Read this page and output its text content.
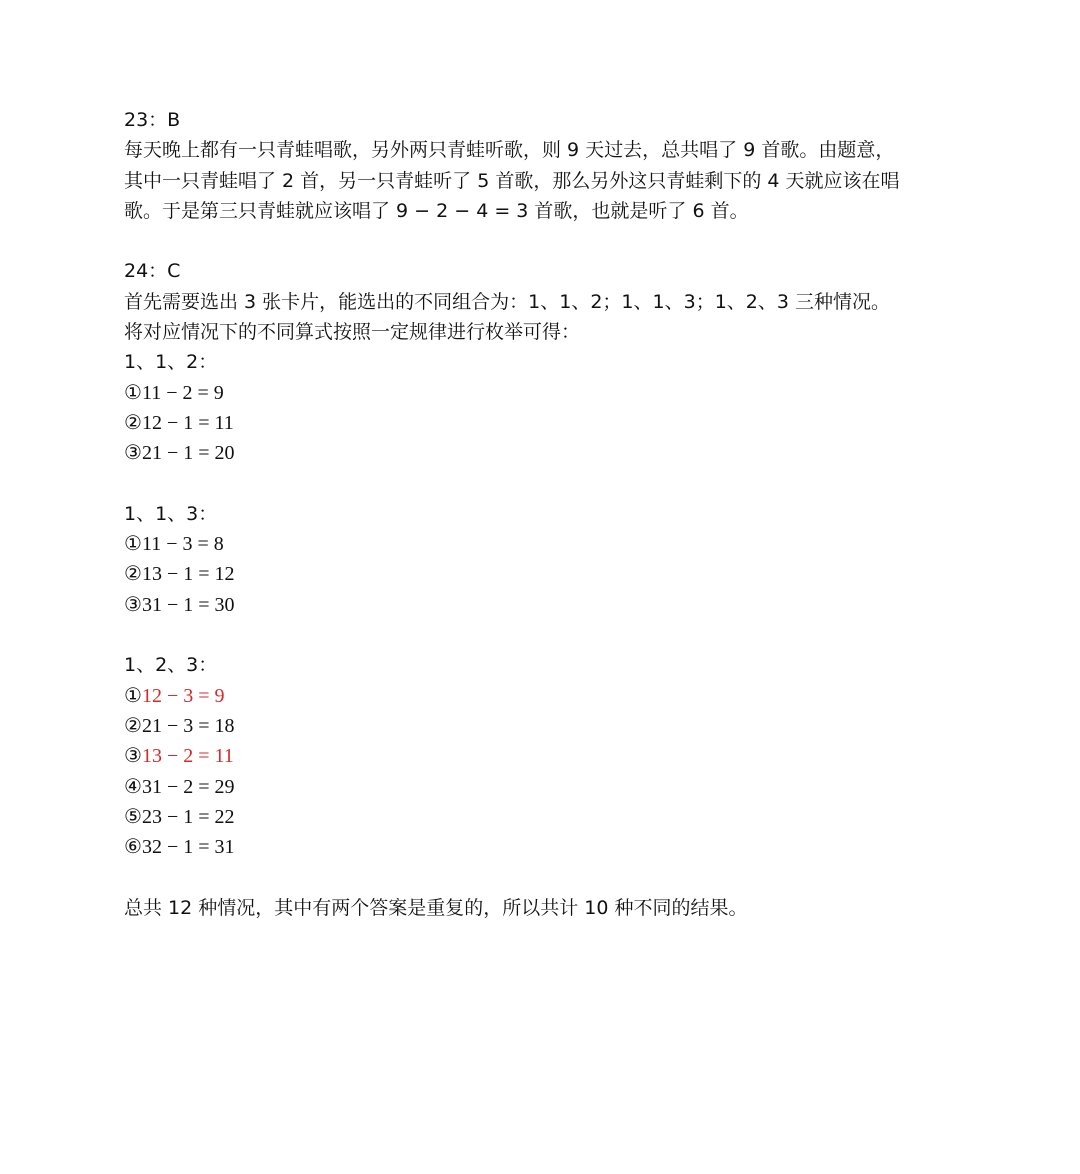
23：B
每天晚上都有一只青蛙唱歌，另外两只青蛙听歌，则 9 天过去，总共唱了 9 首歌。由题意，
其中一只青蛙唱了 2 首，另一只青蛙听了 5 首歌，那么另外这只青蛙剩下的 4 天就应该在唱
歌。于是第三只青蛙就应该唱了 9 − 2 − 4 = 3 首歌，也就是听了 6 首。
24：C
首先需要选出 3 张卡片，能选出的不同组合为：1、1、2；1、1、3；1、2、3 三种情况。
将对应情况下的不同算式按照一定规律进行枚举可得：
1、1、2：
①11 − 2 = 9
②12 − 1 = 11
③21 − 1 = 20
1、1、3：
①11 − 3 = 8
②13 − 1 = 12
③31 − 1 = 30
1、2、3：
①12 − 3 = 9
②21 − 3 = 18
③13 − 2 = 11
④31 − 2 = 29
⑤23 − 1 = 22
⑥32 − 1 = 31
总共 12 种情况，其中有两个答案是重复的，所以共计 10 种不同的结果。
